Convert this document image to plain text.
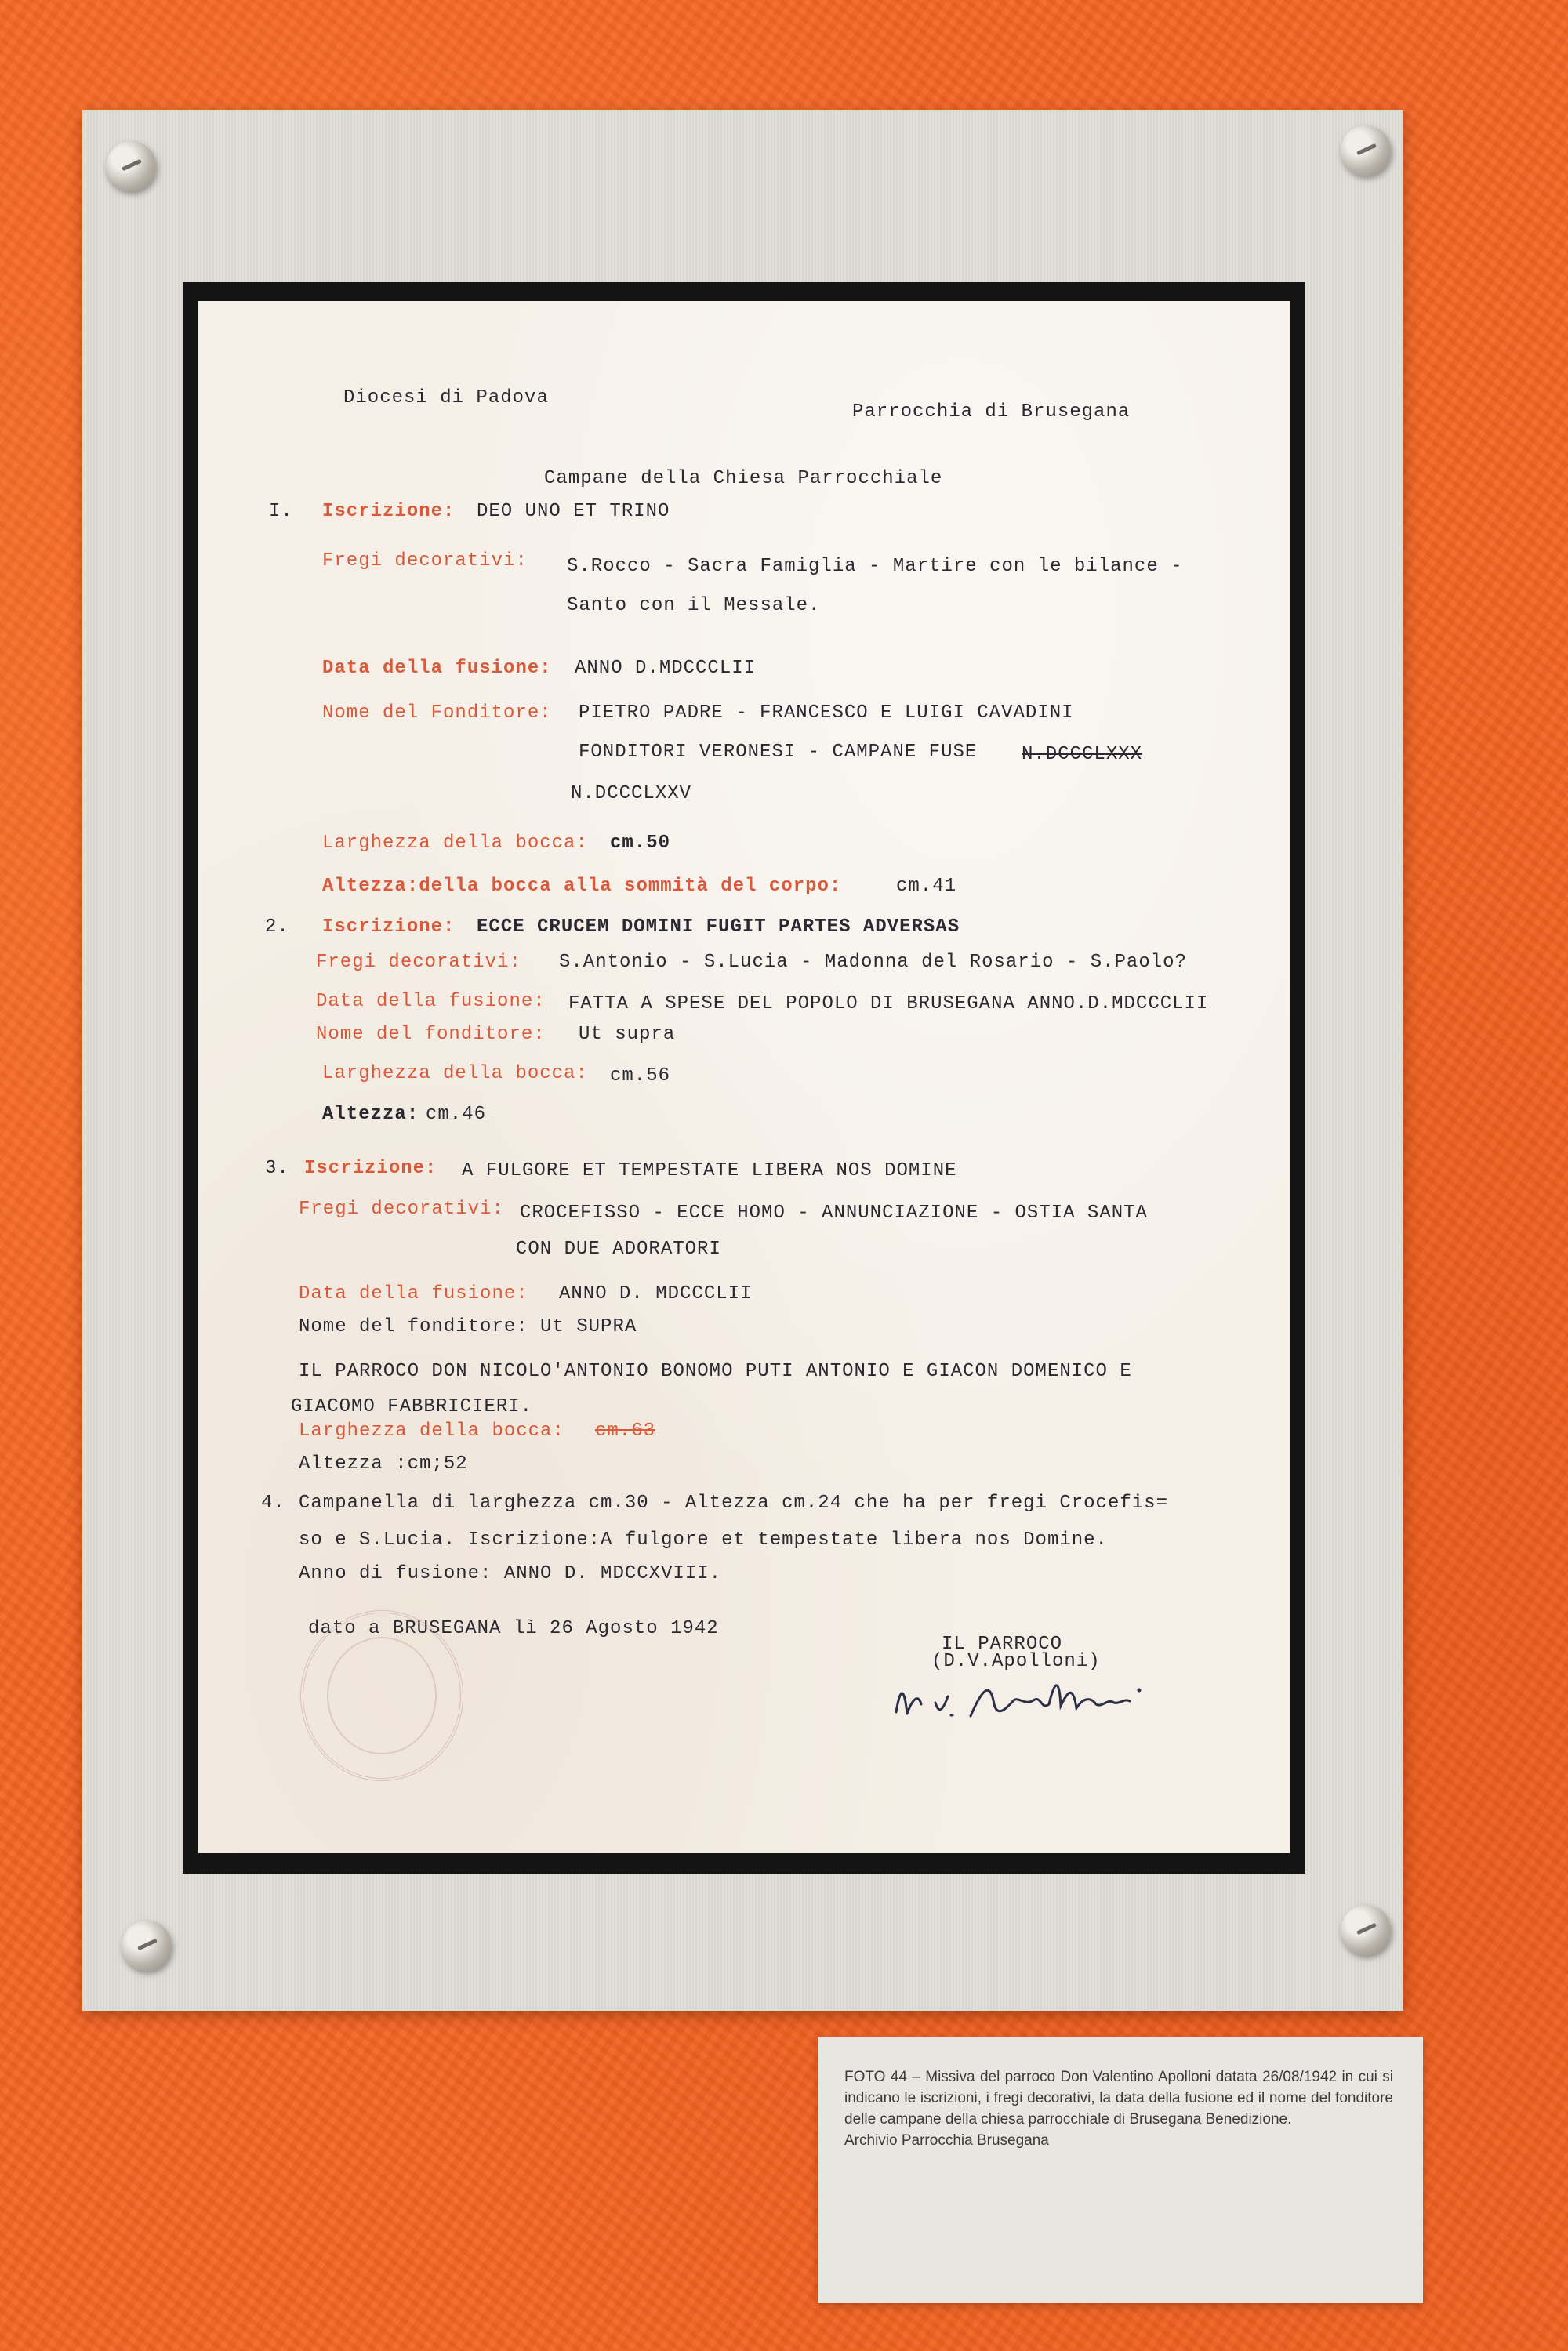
Diocesi di Padova
Parrocchia di Brusegana
Campane della Chiesa Parrocchiale
I. Iscrizione: DEO UNO ET TRINO
Fregi decorativi: S.Rocco - Sacra Famiglia - Martire con le bilance -
Santo con il Messale.
Data della fusione: ANNO D.MDCCCLII
Nome del Fonditore: PIETRO PADRE - FRANCESCO E LUIGI CAVADINI
FONDITORI VERONESI - CAMPANE FUSE N.DCCCLXXX
N.DCCCLXXV
Larghezza della bocca: cm.50
Altezza:della bocca alla sommità del corpo:	cm.41
2. Iscrizione: ECCE CRUCEM DOMINI FUGIT PARTES ADVERSAS
Fregi decorativi: S.Antonio - S.Lucia - Madonna del Rosario - S.Paolo?
Data della fusione: FATTA A SPESE DEL POPOLO DI BRUSEGANA ANNO.D.MDCCCLII
Nome del fonditore: Ut supra
Larghezza della bocca: cm.56
Altezza: cm.46
3. Iscrizione: A FULGORE ET TEMPESTATE LIBERA NOS DOMINE
Fregi decorativi: CROCEFISSO - ECCE HOMO - ANNUNCIAZIONE - OSTIA SANTA
CON DUE ADORATORI
Data della fusione: ANNO D. MDCCCLII
Nome del fonditore: Ut SUPRA
IL PARROCO DON NICOLO'ANTONIO BONOMO PUTI ANTONIO E GIACON DOMENICO E
GIACOMO FABBRICIERI.
Larghezza della bocca: cm.63
Altezza :cm;52
4. Campanella di larghezza cm.30 - Altezza cm.24 che ha per fregi Crocefis=
so e S.Lucia. Iscrizione:A fulgore et tempestate libera nos Domine.
Anno di fusione: ANNO D. MDCCXVIII.
dato a BRUSEGANA lì 26 Agosto 1942
IL PARROCO
(D.V.Apolloni)
FOTO 44 – Missiva del parroco Don Valentino Apolloni datata 26/08/1942 in cui si indicano le iscrizioni, i fregi decorativi, la data della fusione ed il nome del fonditore delle campane della chiesa parrocchiale di Brusegana Benedizione.
Archivio Parrocchia Brusegana
